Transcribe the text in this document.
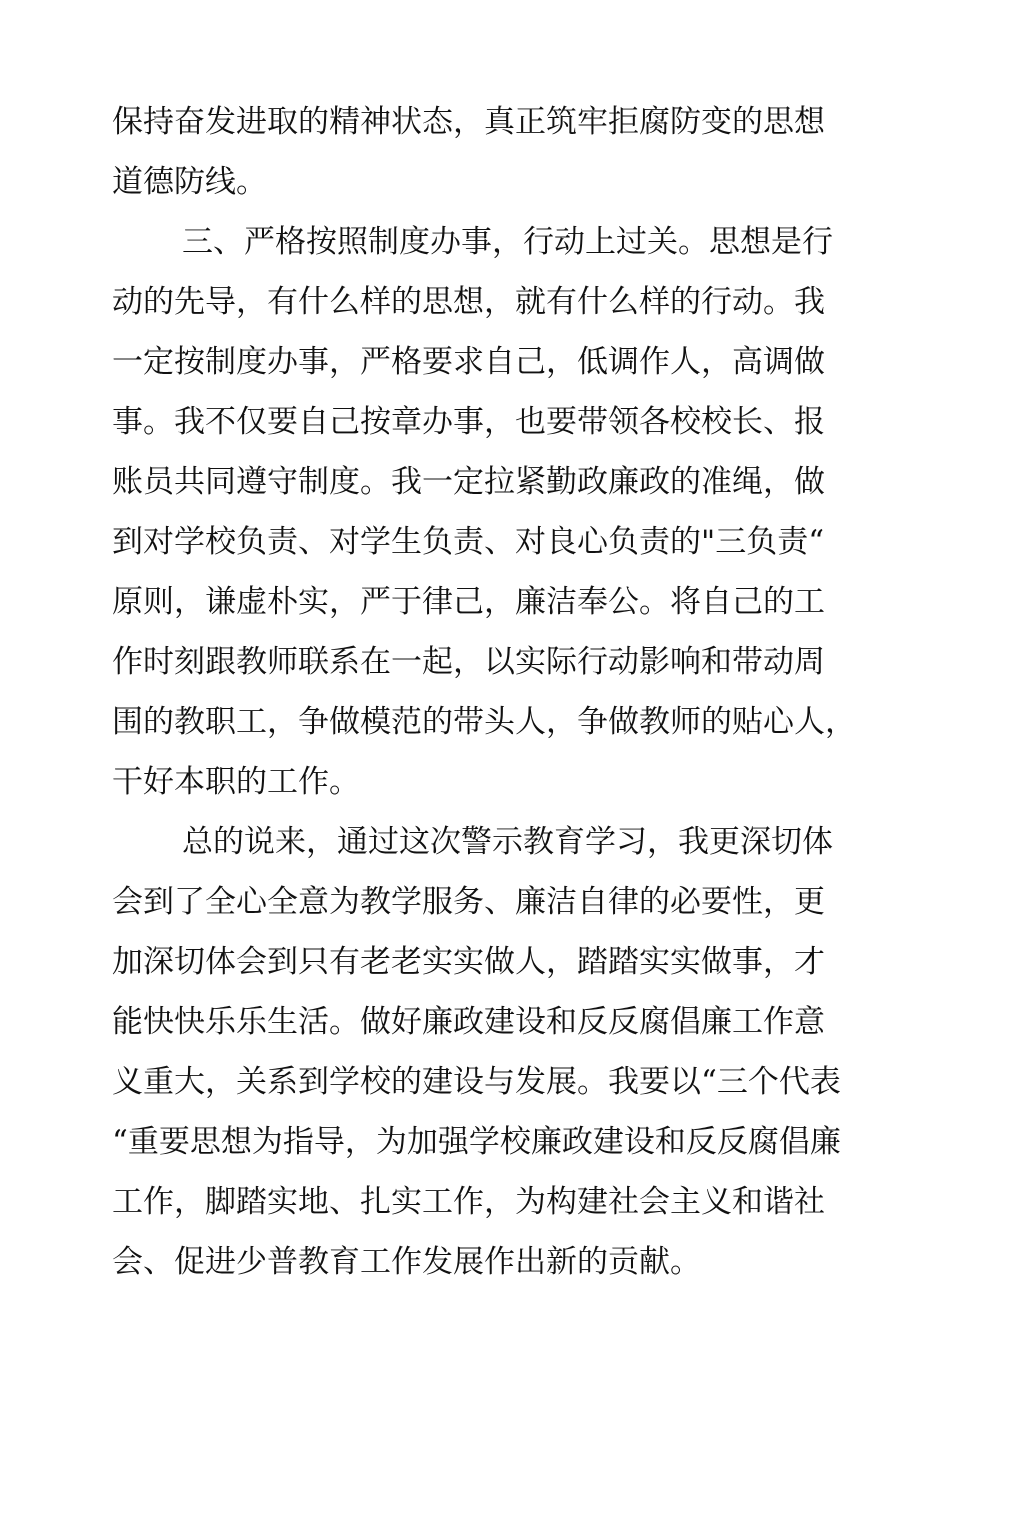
保持奋发进取的精神状态，真正筑牢拒腐防变的思想
道德防线。
三、严格按照制度办事，行动上过关。思想是行
动的先导，有什么样的思想，就有什么样的行动。我
一定按制度办事，严格要求自己，低调作人，高调做
事。我不仅要自己按章办事，也要带领各校校长、报
账员共同遵守制度。我一定拉紧勤政廉政的准绳，做
到对学校负责、对学生负责、对良心负责的"三负责“
原则，谦虚朴实，严于律己，廉洁奉公。将自己的工
作时刻跟教师联系在一起，以实际行动影响和带动周
围的教职工，争做模范的带头人，争做教师的贴心人，
干好本职的工作。
总的说来，通过这次警示教育学习，我更深切体
会到了全心全意为教学服务、廉洁自律的必要性，更
加深切体会到只有老老实实做人，踏踏实实做事，才
能快快乐乐生活。做好廉政建设和反反腐倡廉工作意
义重大，关系到学校的建设与发展。我要以“三个代表
“重要思想为指导，为加强学校廉政建设和反反腐倡廉
工作，脚踏实地、扎实工作，为构建社会主义和谐社
会、促进少普教育工作发展作出新的贡献。
